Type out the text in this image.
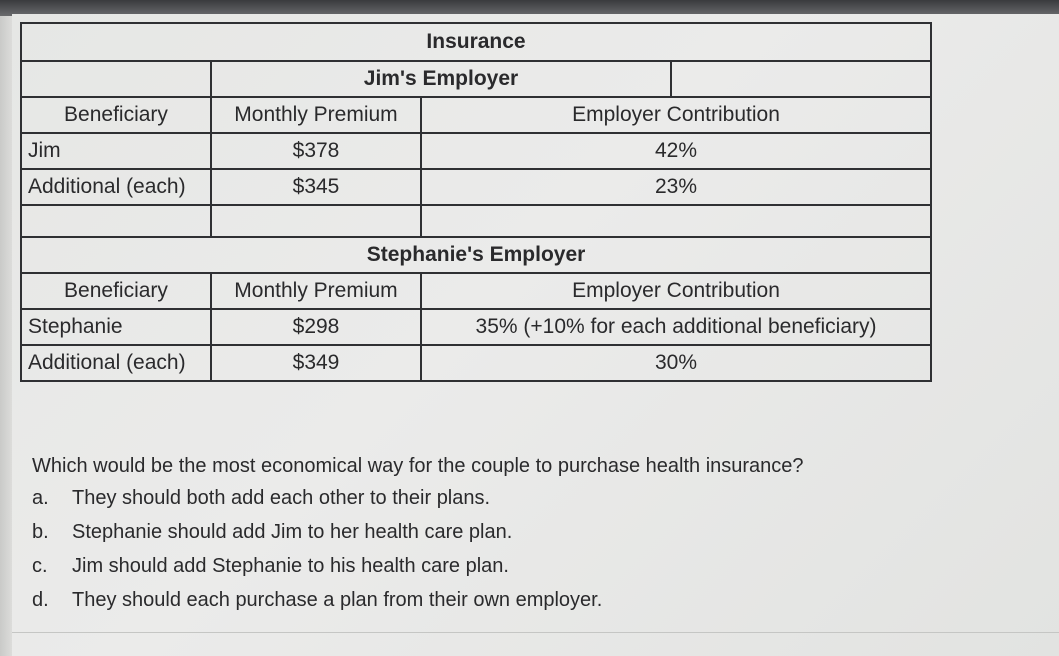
Insurance			
	Jim's Employer		
Beneficiary	Monthly Premium	Employer Contribution	
Jim	$378	42%	
Additional (each)	$345	23%	

Stephanie's Employer			
Beneficiary	Monthly Premium	Employer Contribution	
Stephanie	$298	35% (+10% for each additional beneficiary)	
Additional (each)	$349	30%	
Which would be the most economical way for the couple to purchase health insurance?
a. They should both add each other to their plans.
b. Stephanie should add Jim to her health care plan.
c. Jim should add Stephanie to his health care plan.
d. They should each purchase a plan from their own employer.
